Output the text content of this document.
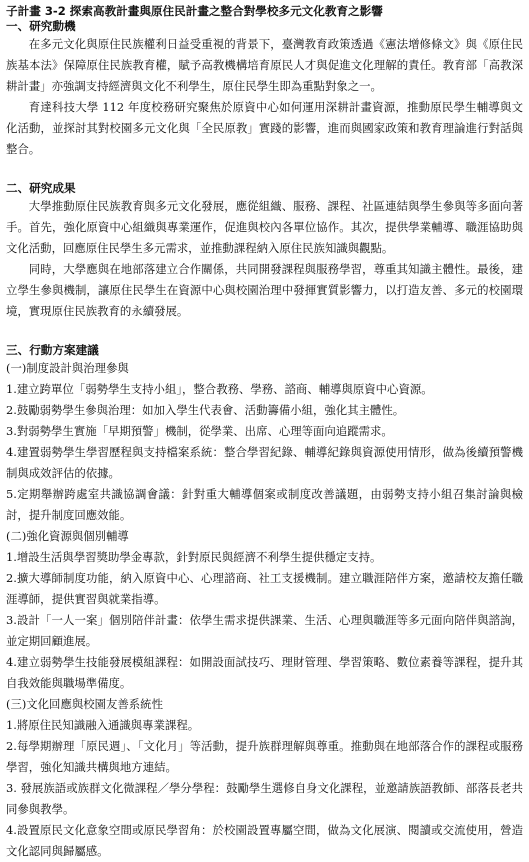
子計畫 3-2 探索高教計畫與原住民計畫之整合對學校多元文化教育之影響

一、研究動機

在多元文化與原住民族權利日益受重視的背景下，臺灣教育政策透過《憲法增修條文》與《原住民族基本法》保障原住民族教育權，賦予高教機構培育原民人才與促進文化理解的責任。教育部「高教深耕計畫」亦強調支持經濟與文化不利學生，原住民學生即為重點對象之一。

育達科技大學 112 年度校務研究聚焦於原資中心如何運用深耕計畫資源，推動原民學生輔導與文化活動，並探討其對校園多元文化與「全民原教」實踐的影響，進而與國家政策和教育理論進行對話與整合。

二、研究成果

大學推動原住民族教育與多元文化發展，應從組織、服務、課程、社區連結與學生參與等多面向著手。首先，強化原資中心組織與專業運作，促進與校內各單位協作。其次，提供學業輔導、職涯協助與文化活動，回應原住民學生多元需求，並推動課程納入原住民族知識與觀點。

同時，大學應與在地部落建立合作關係，共同開發課程與服務學習，尊重其知識主體性。最後，建立學生參與機制，讓原住民學生在資源中心與校園治理中發揮實質影響力，以打造友善、多元的校園環境，實現原住民族教育的永續發展。

三、行動方案建議

(一)制度設計與治理參與

1.建立跨單位「弱勢學生支持小組」，整合教務、學務、諮商、輔導與原資中心資源。

2.鼓勵弱勢學生參與治理：如加入學生代表會、活動籌備小組，強化其主體性。

3.對弱勢學生實施「早期預警」機制，從學業、出席、心理等面向追蹤需求。

4.建置弱勢學生學習歷程與支持檔案系統：整合學習紀錄、輔導紀錄與資源使用情形，做為後續預警機制與成效評估的依據。

5.定期舉辦跨處室共識協調會議：針對重大輔導個案或制度改善議題，由弱勢支持小組召集討論與檢討，提升制度回應效能。

(二)強化資源與個別輔導

1.增設生活與學習獎助學金專款，針對原民與經濟不利學生提供穩定支持。

2.擴大導師制度功能，納入原資中心、心理諮商、社工支援機制。建立職涯陪伴方案，邀請校友擔任職涯導師，提供實習與就業指導。

3.設計「一人一案」個別陪伴計畫：依學生需求提供課業、生活、心理與職涯等多元面向陪伴與諮詢，並定期回顧進展。

4.建立弱勢學生技能發展模組課程：如開設面試技巧、理財管理、學習策略、數位素養等課程，提升其自我效能與職場準備度。

(三)文化回應與校園友善系統性

1.將原住民知識融入通識與專業課程。

2.每學期辦理「原民週」、「文化月」等活動，提升族群理解與尊重。推動與在地部落合作的課程或服務學習，強化知識共構與地方連結。

3. 發展族語或族群文化微課程／學分學程：鼓勵學生選修自身文化課程，並邀請族語教師、部落長老共同參與教學。

4.設置原民文化意象空間或原民學習角：於校園設置專屬空間，做為文化展演、閱讀或交流使用，營造文化認同與歸屬感。
